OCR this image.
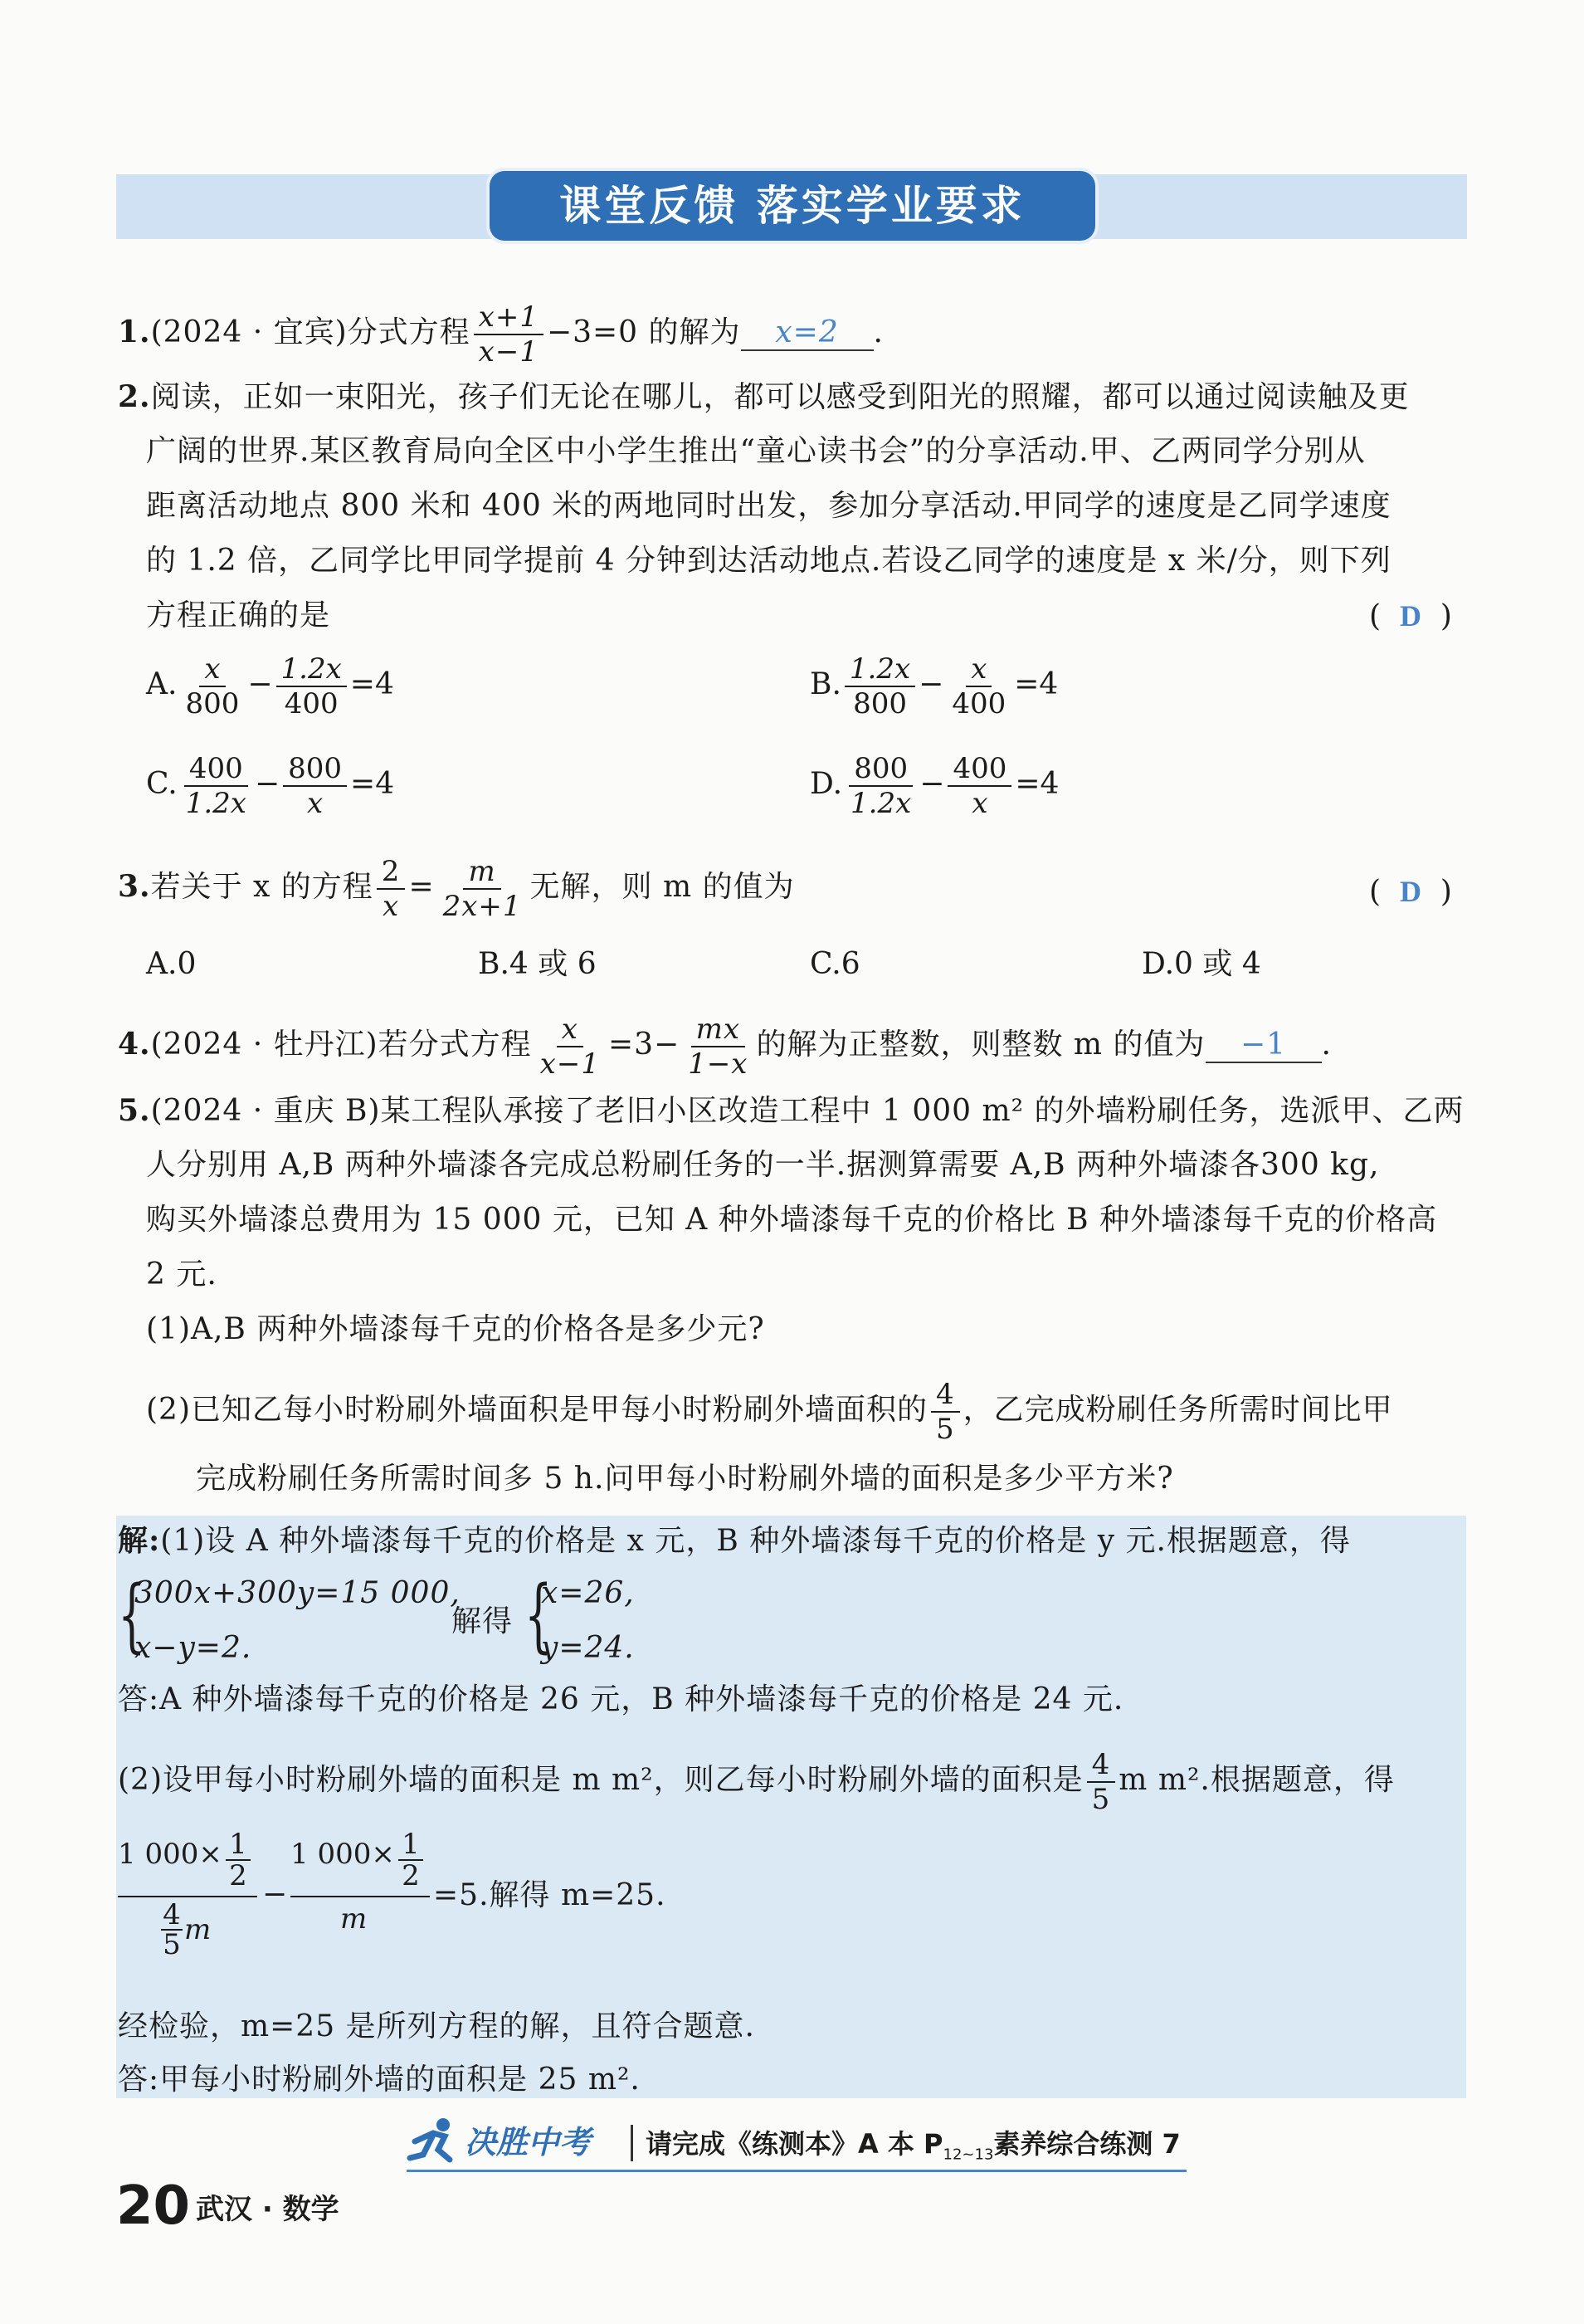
课堂反馈 落实学业要求
1.(2024 · 宜宾)分式方程 $\frac{x+1}{x-1} -3=0$ 的解为 x=2 .
2.阅读，正如一束阳光，孩子们无论在哪儿，都可以感受到阳光的照耀，都可以通过阅读触及更
广阔的世界.某区教育局向全区中小学生推出“童心读书会”的分享活动.甲、乙两同学分别从
距离活动地点 800 米和 400 米的两地同时出发，参加分享活动.甲同学的速度是乙同学速度
的 1.2 倍，乙同学比甲同学提前 4 分钟到达活动地点.若设乙同学的速度是 x 米/分，则下列
方程正确的是	(  D  )
A. $\frac{x}{800} - \frac{1.2x}{400} =4$	B. $\frac{1.2x}{800} - \frac{x}{400} =4$
C. $\frac{400}{1.2x} - \frac{800}{x} =4$	D. $\frac{800}{1.2x} - \frac{400}{x} =4$
3.若关于 x 的方程 $\frac{2}{x} = \frac{m}{2x+1}$ 无解，则 m 的值为	(  D  )
A.0	B.4 或 6	C.6	D.0 或 4
4.(2024 · 牡丹江)若分式方程 $\frac{x}{x-1} =3- \frac{mx}{1-x}$ 的解为正整数，则整数 m 的值为 −1 .
5.(2024 · 重庆 B)某工程队承接了老旧小区改造工程中 1 000 m² 的外墙粉刷任务，选派甲、乙两
人分别用 A,B 两种外墙漆各完成总粉刷任务的一半.据测算需要 A,B 两种外墙漆各300 kg,
购买外墙漆总费用为 15 000 元，已知 A 种外墙漆每千克的价格比 B 种外墙漆每千克的价格高
2 元.
(1)A,B 两种外墙漆每千克的价格各是多少元?
(2)已知乙每小时粉刷外墙面积是甲每小时粉刷外墙面积的 $\frac{4}{5}$ ，乙完成粉刷任务所需时间比甲
完成粉刷任务所需时间多 5 h.问甲每小时粉刷外墙的面积是多少平方米?
解:(1)设 A 种外墙漆每千克的价格是 x 元，B 种外墙漆每千克的价格是 y 元.根据题意，得
{
300x+300y=15 000,
x−y=2.
解得 {
x=26,
y=24.
答:A 种外墙漆每千克的价格是 26 元，B 种外墙漆每千克的价格是 24 元.
(2)设甲每小时粉刷外墙的面积是 m m²，则乙每小时粉刷外墙的面积是 $\frac{4}{5}$ m m².根据题意，得
1 000× 1
2
4
5 m
−
1 000× 1
2
m
=5.解得 m=25.
经检验，m=25 是所列方程的解，且符合题意.
答:甲每小时粉刷外墙的面积是 25 m².
决胜中考 请完成《练测本》A 本 $P_{12\sim 13}$素养综合练测 7
20 武汉 · 数学
